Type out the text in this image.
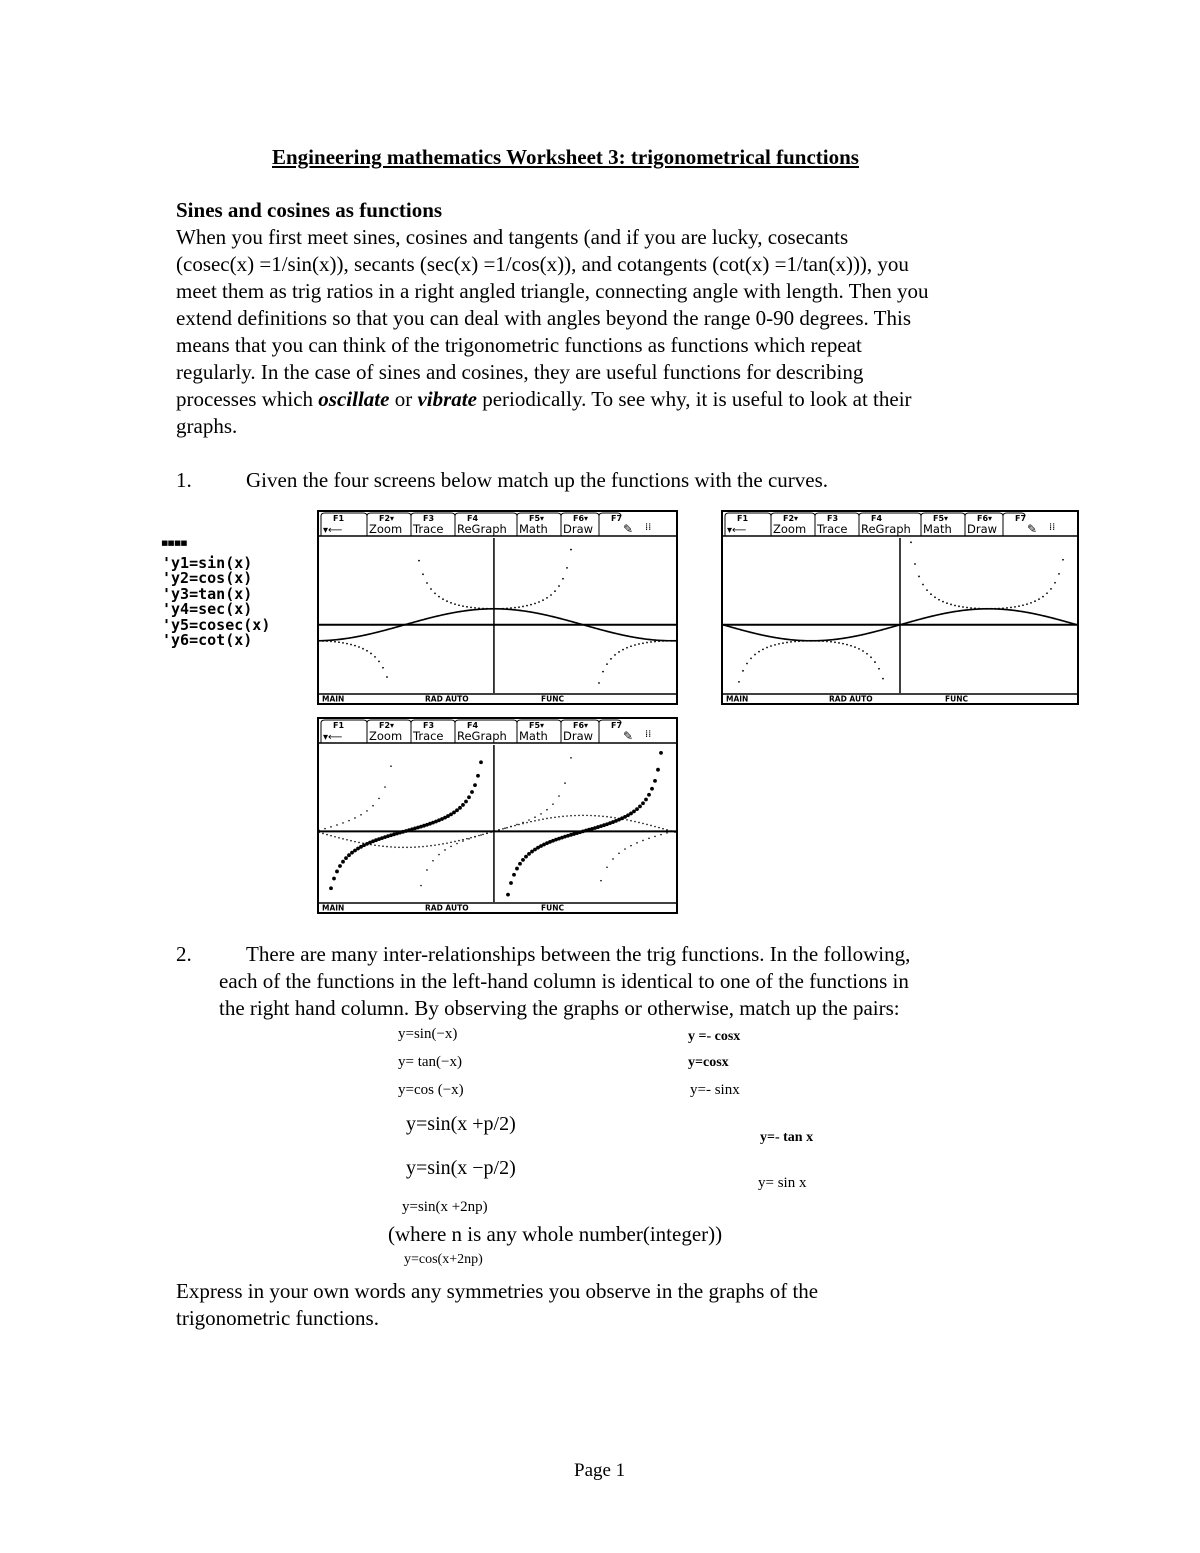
Engineering mathematics Worksheet 3: trigonometrical functions
Sines and cosines as functions

When you first meet sines, cosines and tangents (and if you are lucky, cosecants

(cosec(x) =1/sin(x)), secants (sec(x) =1/cos(x)), and cotangents (cot(x) =1/tan(x))), you

meet them as trig ratios in a right angled triangle, connecting angle with length. Then you

extend definitions so that you can deal with angles beyond the range 0-90 degrees. This

means that you can think of the trigonometric functions as functions which repeat

regularly. In the case of sines and cosines, they are useful functions for describing

processes which oscillate or vibrate periodically. To see why, it is useful to look at their

graphs.

1.	Given the four screens below match up the functions with the curves.
▀▀▀▀
'y1=sin(x)
'y2=cos(x)
'y3=tan(x)
'y4=sec(x)
'y5=cosec(x)
'y6=cot(x)
F1	F2▾	F3	F4	F5▾	F6▾	F7
Zoom Trace ReGraph Math Draw
▾⟵	✎ ⁞⁞
MAIN	RAD AUTO	FUNC
F1	F2▾	F3	F4	F5▾	F6▾	F7
Zoom Trace ReGraph Math Draw
▾⟵	✎ ⁞⁞
MAIN	RAD AUTO	FUNC
F1	F2▾	F3	F4	F5▾	F6▾	F7
Zoom Trace ReGraph Math Draw
▾⟵	✎ ⁞⁞
MAIN	RAD AUTO	FUNC
2.	There are many inter-relationships between the trig functions. In the following,
each of the functions in the left-hand column is identical to one of the functions in
the right hand column. By observing the graphs or otherwise, match up the pairs:
y=sin(−x)
y= tan(−x)
y=cos (−x)
y=sin(x +p/2)
y=sin(x −p/2)
y=sin(x +2np)
(where n is any whole number(integer))
y=cos(x+2np)
y =- cosx
y=cosx
y=- sinx
y=- tan x
y= sin x
Express in your own words any symmetries you observe in the graphs of the
trigonometric functions.
Page 1
